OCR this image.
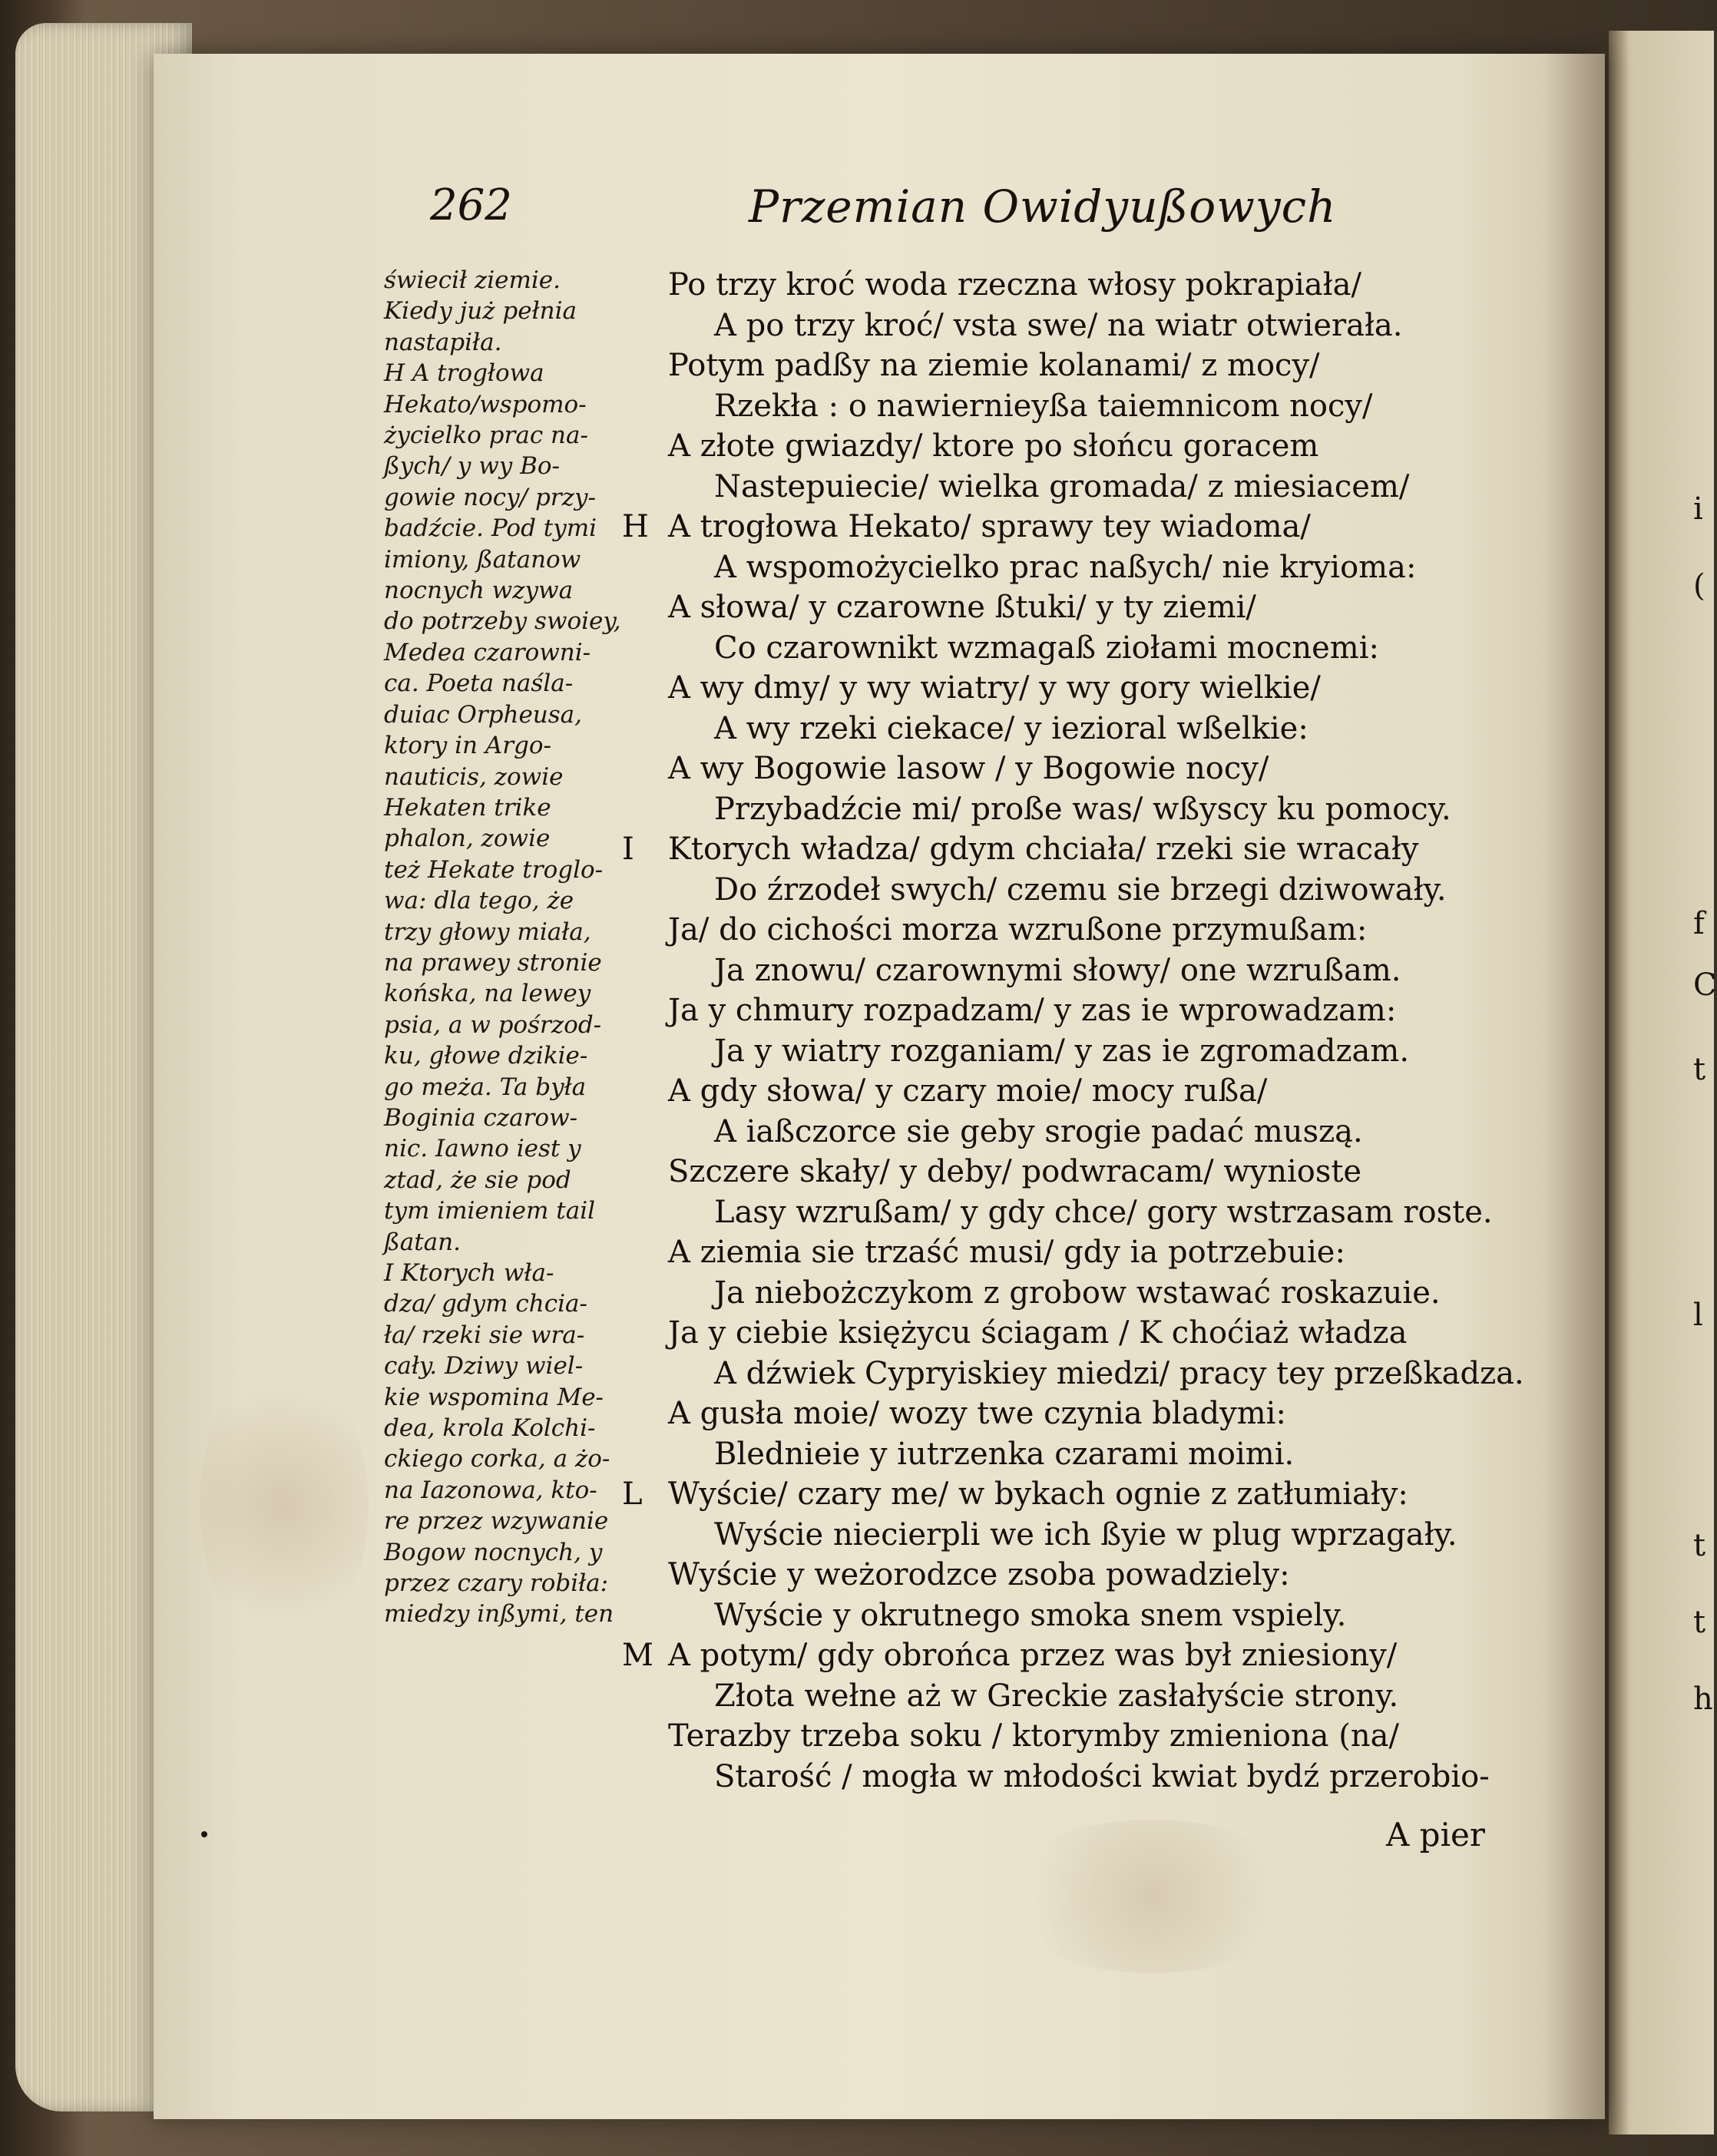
i
(
f
C
t
l
t
t
h
262	Przemian Owidyußowych
świecił ziemie.
Kiedy już pełnia
nastapiła.
H A trogłowa
Hekato/wspomo-
życielko prac na-
ßych/ y wy Bo-
gowie nocy/ przy-
badźcie. Pod tymi
imiony, ßatanow
nocnych wzywa
do potrzeby swoiey,
Medea czarowni-
ca. Poeta naśla-
duiac Orpheusa,
ktory in Argo-
nauticis, zowie
Hekaten trike
phalon, zowie
też Hekate troglo-
wa: dla tego, że
trzy głowy miała,
na prawey stronie
końska, na lewey
psia, a w pośrzod-
ku, głowe dzikie-
go meża. Ta była
Boginia czarow-
nic. Iawno iest y
ztad, że sie pod
tym imieniem tail
ßatan.
I Ktorych wła-
dza/ gdym chcia-
ła/ rzeki sie wra-
cały. Dziwy wiel-
kie wspomina Me-
dea, krola Kolchi-
ckiego corka, a żo-
na Iazonowa, kto-
re przez wzywanie
Bogow nocnych, y
przez czary robiła:
miedzy inßymi, ten
Po trzy kroć woda rzeczna włosy pokrapiała/
A po trzy kroć/ vsta swe/ na wiatr otwierała.
Potym padßy na ziemie kolanami/ z mocy/
Rzekła : o nawiernieyßa taiemnicom nocy/
A złote gwiazdy/ ktore po słońcu goracem
Nastepuiecie/ wielka gromada/ z miesiacem/
H A trogłowa Hekato/ sprawy tey wiadoma/
A wspomożycielko prac naßych/ nie kryioma:
A słowa/ y czarowne ßtuki/ y ty ziemi/
Co czarownikt wzmagaß ziołami mocnemi:
A wy dmy/ y wy wiatry/ y wy gory wielkie/
A wy rzeki ciekace/ y iezioral wßelkie:
A wy Bogowie lasow / y Bogowie nocy/
Przybadźcie mi/ proße was/ wßyscy ku pomocy.
I Ktorych władza/ gdym chciała/ rzeki sie wracały
Do źrzodeł swych/ czemu sie brzegi dziwowały.
Ja/ do cichości morza wzrußone przymußam:
Ja znowu/ czarownymi słowy/ one wzrußam.
Ja y chmury rozpadzam/ y zas ie wprowadzam:
Ja y wiatry rozganiam/ y zas ie zgromadzam.
A gdy słowa/ y czary moie/ mocy rußa/
A iaßczorce sie geby srogie padać muszą.
Szczere skały/ y deby/ podwracam/ wynioste
Lasy wzrußam/ y gdy chce/ gory wstrzasam roste.
A ziemia sie trzaść musi/ gdy ia potrzebuie:
Ja niebożczykom z grobow wstawać roskazuie.
Ja y ciebie księżycu ściagam / K choćiaż władza
A dźwiek Cypryiskiey miedzi/ pracy tey przeßkadza.
A gusła moie/ wozy twe czynia bladymi:
Blednieie y iutrzenka czarami moimi.
L Wyście/ czary me/ w bykach ognie z zatłumiały:
Wyście niecierpli we ich ßyie w plug wprzagały.
Wyście y weżorodzce zsoba powadziely:
Wyście y okrutnego smoka snem vspiely.
M A potym/ gdy obrońca przez was był zniesiony/
Złota wełne aż w Greckie zasłałyście strony.
Terazby trzeba soku / ktorymby zmieniona (na/
Starość / mogła w młodości kwiat bydź przerobio-
A pier
